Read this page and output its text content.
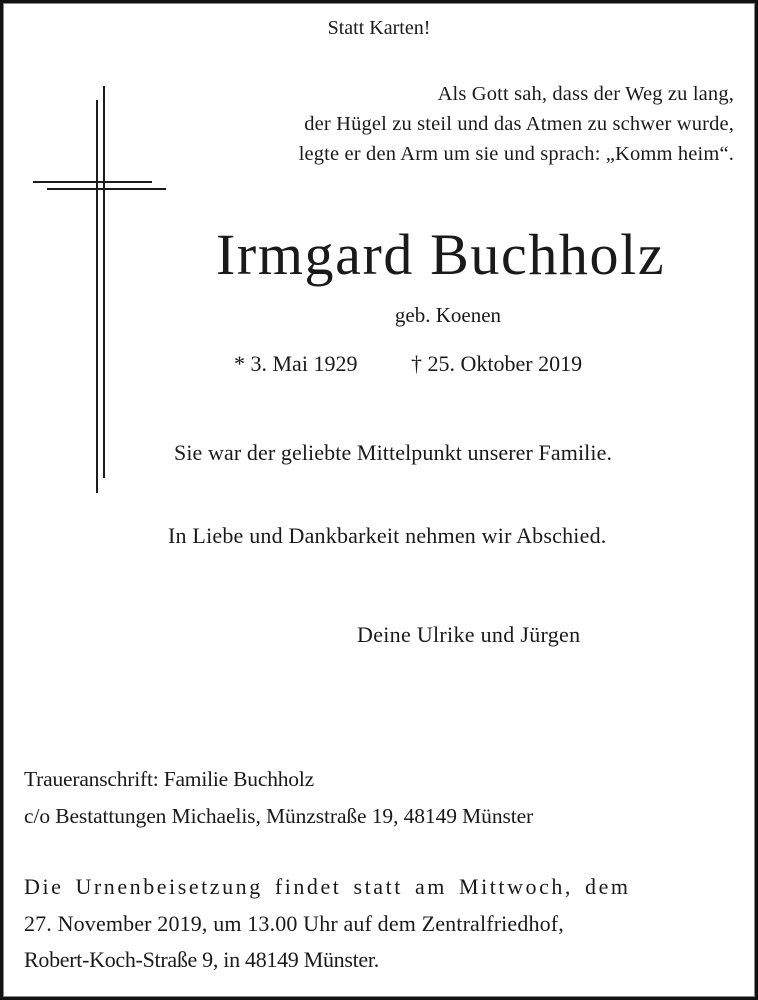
Statt Karten!
Als Gott sah, dass der Weg zu lang,
der Hügel zu steil und das Atmen zu schwer wurde,
legte er den Arm um sie und sprach: „Komm heim“.
Irmgard Buchholz
geb. Koenen
* 3. Mai 1929 † 25. Oktober 2019
Sie war der geliebte Mittelpunkt unserer Familie.
In Liebe und Dankbarkeit nehmen wir Abschied.
Deine Ulrike und Jürgen
Traueranschrift: Familie Buchholz
c/o Bestattungen Michaelis, Münzstraße 19, 48149 Münster
Die Urnenbeisetzung findet statt am Mittwoch, dem
27. November 2019, um 13.00 Uhr auf dem Zentralfriedhof,
Robert-Koch-Straße 9, in 48149 Münster.
